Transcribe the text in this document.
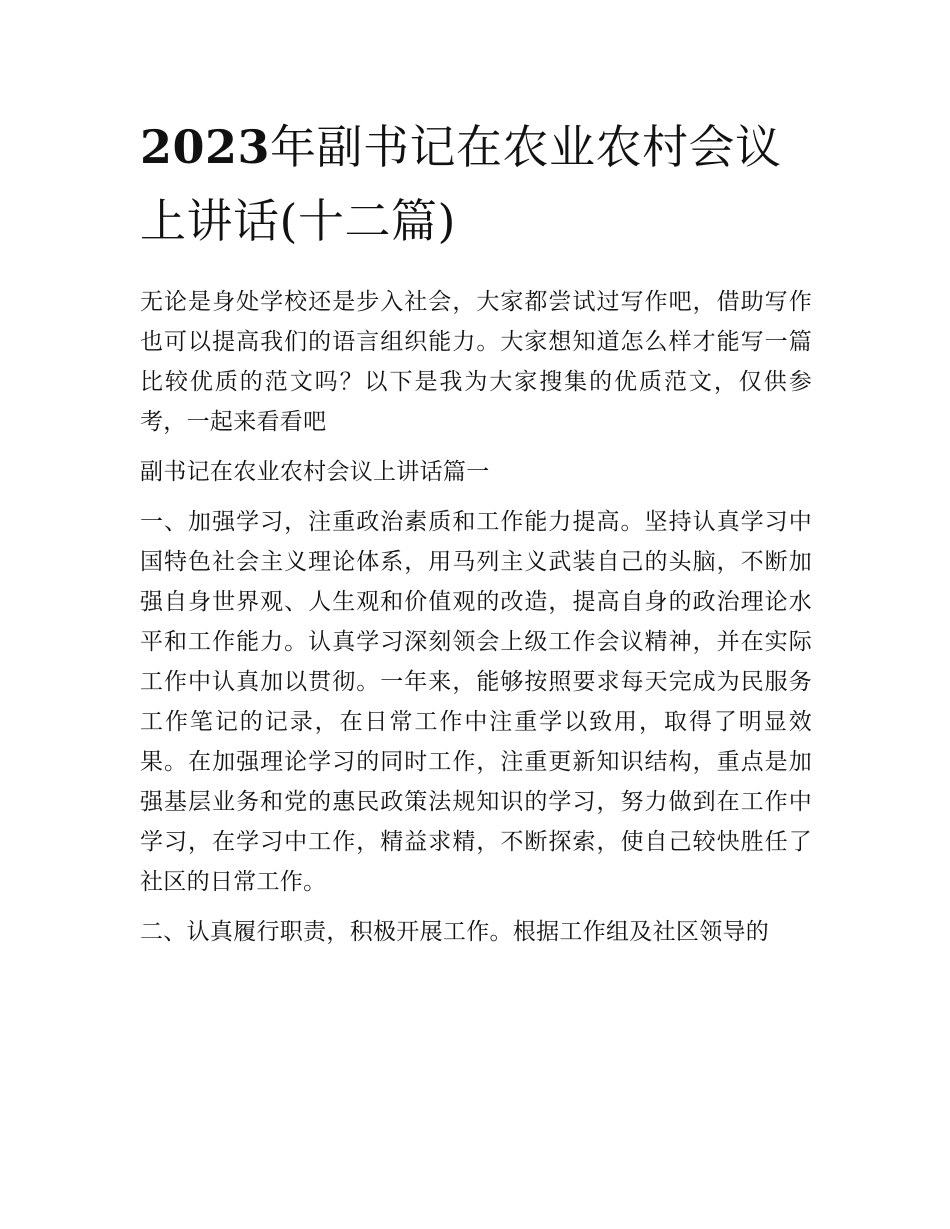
2023年副书记在农业农村会议上讲话(十二篇)

无论是身处学校还是步入社会，大家都尝试过写作吧，借助写作也可以提高我们的语言组织能力。大家想知道怎么样才能写一篇比较优质的范文吗？以下是我为大家搜集的优质范文，仅供参考，一起来看看吧

副书记在农业农村会议上讲话篇一

一、加强学习，注重政治素质和工作能力提高。坚持认真学习中国特色社会主义理论体系，用马列主义武装自己的头脑，不断加强自身世界观、人生观和价值观的改造，提高自身的政治理论水平和工作能力。认真学习深刻领会上级工作会议精神，并在实际工作中认真加以贯彻。一年来，能够按照要求每天完成为民服务工作笔记的记录，在日常工作中注重学以致用，取得了明显效果。在加强理论学习的同时工作，注重更新知识结构，重点是加强基层业务和党的惠民政策法规知识的学习，努力做到在工作中学习，在学习中工作，精益求精，不断探索，使自己较快胜任了社区的日常工作。

二、认真履行职责，积极开展工作。根据工作组及社区领导的
